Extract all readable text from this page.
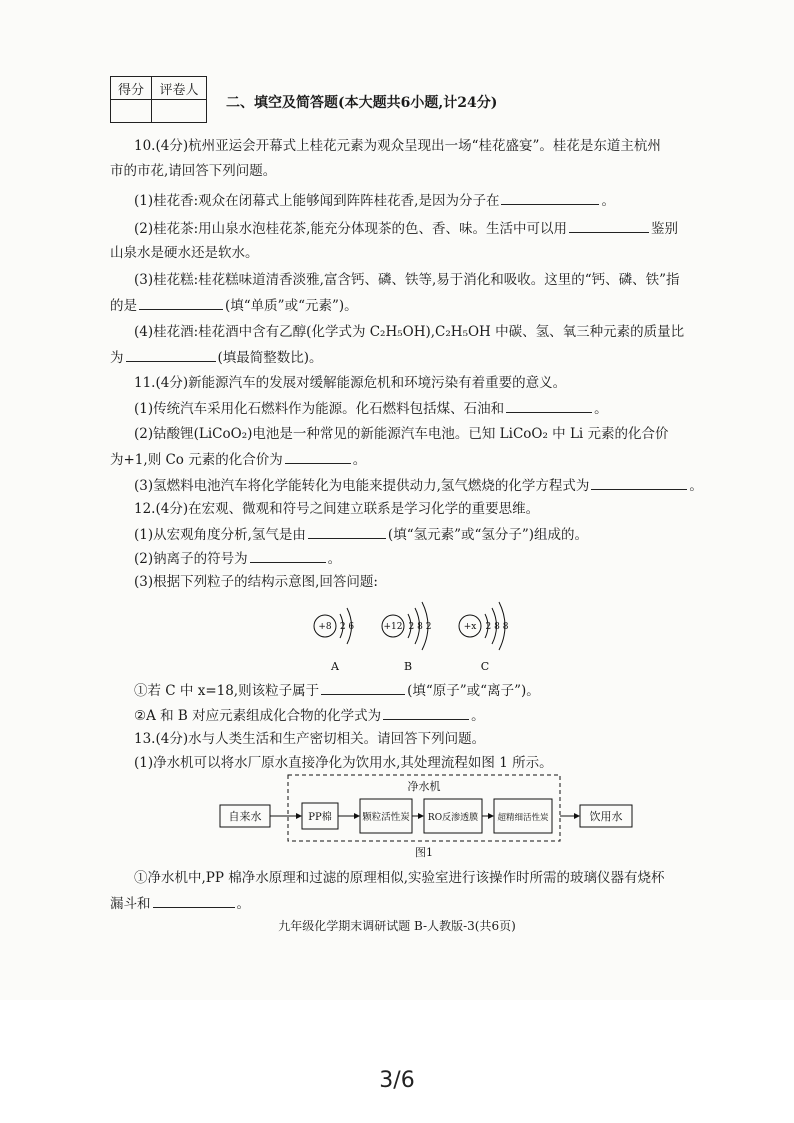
得分	评卷人

二、填空及简答题(本大题共6小题,计24分)
10.(4分)杭州亚运会开幕式上桂花元素为观众呈现出一场“桂花盛宴”。桂花是东道主杭州
市的市花,请回答下列问题。
(1)桂花香:观众在闭幕式上能够闻到阵阵桂花香,是因为分子在	。
(2)桂花茶:用山泉水泡桂花茶,能充分体现茶的色、香、味。生活中可以用	鉴别
山泉水是硬水还是软水。
(3)桂花糕:桂花糕味道清香淡雅,富含钙、磷、铁等,易于消化和吸收。这里的“钙、磷、铁”指
的是	(填“单质”或“元素”)。
(4)桂花酒:桂花酒中含有乙醇(化学式为 C₂H₅OH),C₂H₅OH 中碳、氢、氧三种元素的质量比
为	(填最简整数比)。
11.(4分)新能源汽车的发展对缓解能源危机和环境污染有着重要的意义。
(1)传统汽车采用化石燃料作为能源。化石燃料包括煤、石油和	。
(2)钴酸锂(LiCoO₂)电池是一种常见的新能源汽车电池。已知 LiCoO₂ 中 Li 元素的化合价
为+1,则 Co 元素的化合价为	。
(3)氢燃料电池汽车将化学能转化为电能来提供动力,氢气燃烧的化学方程式为	。
12.(4分)在宏观、微观和符号之间建立联系是学习化学的重要思维。
(1)从宏观角度分析,氢气是由	(填“氢元素”或“氢分子”)组成的。
(2)钠离子的符号为	。
(3)根据下列粒子的结构示意图,回答问题:
+8 2 6
A
+12 2 8 2
B
+x 2 8 8
C
①若 C 中 x=18,则该粒子属于	(填“原子”或“离子”)。
②A 和 B 对应元素组成化合物的化学式为	。
13.(4分)水与人类生活和生产密切相关。请回答下列问题。
(1)净水机可以将水厂原水直接净化为饮用水,其处理流程如图 1 所示。
净水机
自来水	PP棉	颗粒活性炭 RO反渗透膜 超精细活性炭	饮用水
图1
①净水机中,PP 棉净水原理和过滤的原理相似,实验室进行该操作时所需的玻璃仪器有烧杯
漏斗和	。
九年级化学期末调研试题 B-人教版-3(共6页)
3/6
